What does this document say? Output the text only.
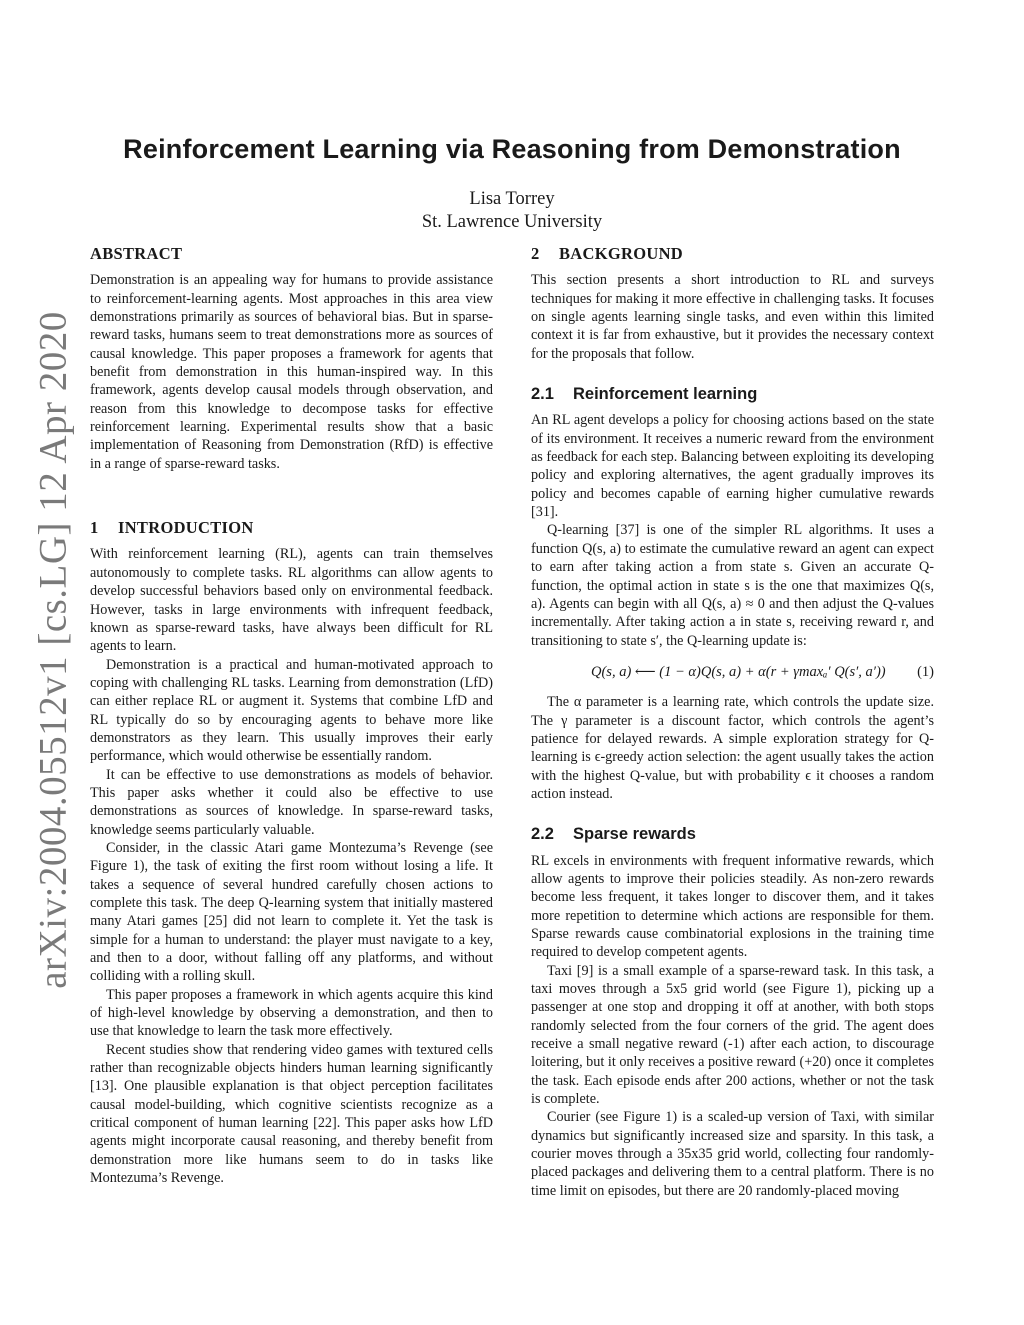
Reinforcement Learning via Reasoning from Demonstration
Lisa Torrey
St. Lawrence University
arXiv:2004.05512v1 [cs.LG] 12 Apr 2020
ABSTRACT

Demonstration is an appealing way for humans to provide assistance to reinforcement-learning agents. Most approaches in this area view demonstrations primarily as sources of behavioral bias. But in sparse-reward tasks, humans seem to treat demonstrations more as sources of causal knowledge. This paper proposes a framework for agents that benefit from demonstration in this human-inspired way. In this framework, agents develop causal models through observation, and reason from this knowledge to decompose tasks for effective reinforcement learning. Experimental results show that a basic implementation of Reasoning from Demonstration (RfD) is effective in a range of sparse-reward tasks.

1 INTRODUCTION

With reinforcement learning (RL), agents can train themselves autonomously to complete tasks. RL algorithms can allow agents to develop successful behaviors based only on environmental feedback. However, tasks in large environments with infrequent feedback, known as sparse-reward tasks, have always been difficult for RL agents to learn.

Demonstration is a practical and human-motivated approach to coping with challenging RL tasks. Learning from demonstration (LfD) can either replace RL or augment it. Systems that combine LfD and RL typically do so by encouraging agents to behave more like demonstrators as they learn. This usually improves their early performance, which would otherwise be essentially random.

It can be effective to use demonstrations as models of behavior. This paper asks whether it could also be effective to use demonstrations as sources of knowledge. In sparse-reward tasks, knowledge seems particularly valuable.

Consider, in the classic Atari game Montezuma’s Revenge (see Figure 1), the task of exiting the first room without losing a life. It takes a sequence of several hundred carefully chosen actions to complete this task. The deep Q-learning system that initially mastered many Atari games [25] did not learn to complete it. Yet the task is simple for a human to understand: the player must navigate to a key, and then to a door, without falling off any platforms, and without colliding with a rolling skull.

This paper proposes a framework in which agents acquire this kind of high-level knowledge by observing a demonstration, and then to use that knowledge to learn the task more effectively.

Recent studies show that rendering video games with textured cells rather than recognizable objects hinders human learning significantly [13]. One plausible explanation is that object perception facilitates causal model-building, which cognitive scientists recognize as a critical component of human learning [22]. This paper asks how LfD agents might incorporate causal reasoning, and thereby benefit from demonstration more like humans seem to do in tasks like Montezuma’s Revenge.

2 BACKGROUND

This section presents a short introduction to RL and surveys techniques for making it more effective in challenging tasks. It focuses on single agents learning single tasks, and even within this limited context it is far from exhaustive, but it provides the necessary context for the proposals that follow.

2.1 Reinforcement learning

An RL agent develops a policy for choosing actions based on the state of its environment. It receives a numeric reward from the environment as feedback for each step. Balancing between exploiting its developing policy and exploring alternatives, the agent gradually improves its policy and becomes capable of earning higher cumulative rewards [31].

Q-learning [37] is one of the simpler RL algorithms. It uses a function Q(s, a) to estimate the cumulative reward an agent can expect to earn after taking action a from state s. Given an accurate Q-function, the optimal action in state s is the one that maximizes Q(s, a). Agents can begin with all Q(s, a) ≈ 0 and then adjust the Q-values incrementally. After taking action a in state s, receiving reward r, and transitioning to state s′, the Q-learning update is:

Q(s, a) ⟵ (1 − α)Q(s, a) + α(r + γmaxₐ′ Q(s′, a′)) (1)

The α parameter is a learning rate, which controls the update size. The γ parameter is a discount factor, which controls the agent’s patience for delayed rewards. A simple exploration strategy for Q-learning is ϵ-greedy action selection: the agent usually takes the action with the highest Q-value, but with probability ϵ it chooses a random action instead.

2.2 Sparse rewards

RL excels in environments with frequent informative rewards, which allow agents to improve their policies steadily. As non-zero rewards become less frequent, it takes longer to discover them, and it takes more repetition to determine which actions are responsible for them. Sparse rewards cause combinatorial explosions in the training time required to develop competent agents.

Taxi [9] is a small example of a sparse-reward task. In this task, a taxi moves through a 5x5 grid world (see Figure 1), picking up a passenger at one stop and dropping it off at another, with both stops randomly selected from the four corners of the grid. The agent does receive a small negative reward (-1) after each action, to discourage loitering, but it only receives a positive reward (+20) once it completes the task. Each episode ends after 200 actions, whether or not the task is complete.

Courier (see Figure 1) is a scaled-up version of Taxi, with similar dynamics but significantly increased size and sparsity. In this task, a courier moves through a 35x35 grid world, collecting four randomly-placed packages and delivering them to a central platform. There is no time limit on episodes, but there are 20 randomly-placed moving
